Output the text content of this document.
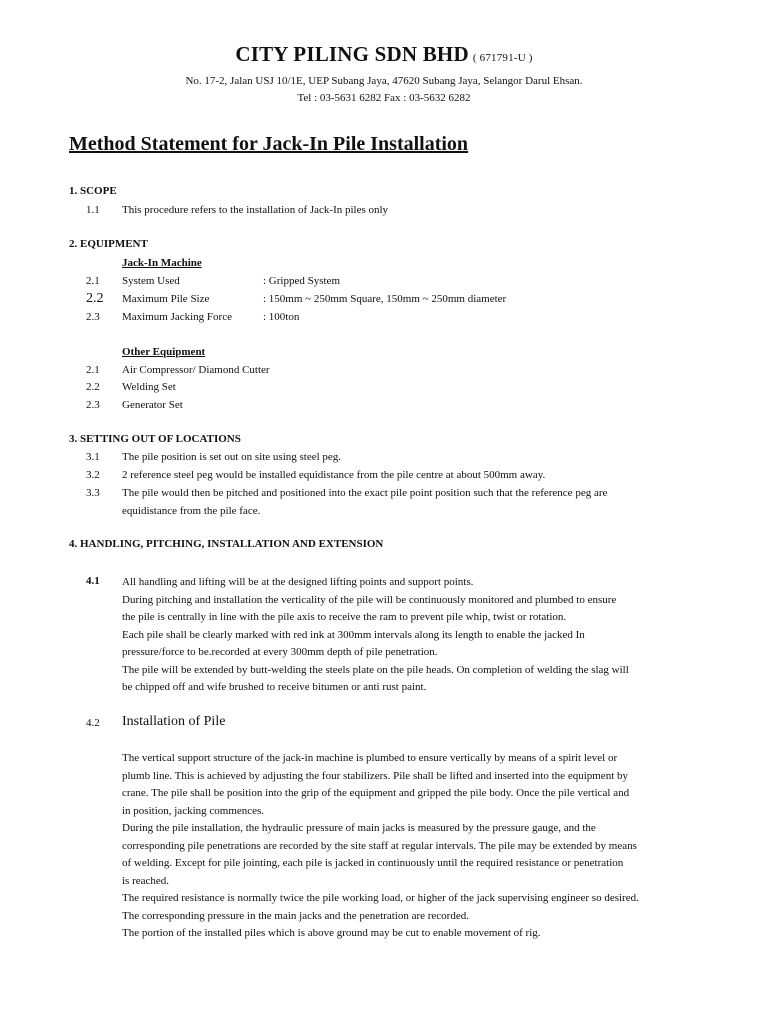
CITY PILING SDN BHD ( 671791-U )
No. 17-2, Jalan USJ 10/1E, UEP Subang Jaya, 47620 Subang Jaya, Selangor Darul Ehsan.
Tel : 03-5631 6282 Fax : 03-5632 6282
Method Statement for Jack-In Pile Installation
1. SCOPE
1.1 This procedure refers to the installation of Jack-In piles only
2. EQUIPMENT
Jack-In Machine
2.1 System Used	: Gripped System
2.2 Maximum Pile Size	: 150mm ~ 250mm Square, 150mm ~ 250mm diameter
2.3 Maximum Jacking Force	: 100ton
Other Equipment
2.1 Air Compressor/ Diamond Cutter
2.2 Welding Set
2.3 Generator Set
3. SETTING OUT OF LOCATIONS
3.1 The pile position is set out on site using steel peg.
3.2 2 reference steel peg would be installed equidistance from the pile centre at about 500mm away.
3.3 The pile would then be pitched and positioned into the exact pile point position such that the reference peg are
equidistance from the pile face.
4. HANDLING, PITCHING, INSTALLATION AND EXTENSION
4.1 All handling and lifting will be at the designed lifting points and support points.
During pitching and installation the verticality of the pile will be continuously monitored and plumbed to ensure
the pile is centrally in line with the pile axis to receive the ram to prevent pile whip, twist or rotation.
Each pile shall be clearly marked with red ink at 300mm intervals along its length to enable the jacked In
pressure/force to be.recorded at every 300mm depth of pile penetration.
The pile will be extended by butt-welding the steels plate on the pile heads. On completion of welding the slag will
be chipped off and wife brushed to receive bitumen or anti rust paint.
4.2 Installation of Pile
The vertical support structure of the jack-in machine is plumbed to ensure vertically by means of a spirit level or
plumb line. This is achieved by adjusting the four stabilizers. Pile shall be lifted and inserted into the equipment by
crane. The pile shall be position into the grip of the equipment and gripped the pile body. Once the pile vertical and
in position, jacking commences.
During the pile installation, the hydraulic pressure of main jacks is measured by the pressure gauge, and the
corresponding pile penetrations are recorded by the site staff at regular intervals. The pile may be extended by means
of welding. Except for pile jointing, each pile is jacked in continuously until the required resistance or penetration
is reached.
The required resistance is normally twice the pile working load, or higher of the jack supervising engineer so desired.
The corresponding pressure in the main jacks and the penetration are recorded.
The portion of the installed piles which is above ground may be cut to enable movement of rig.
